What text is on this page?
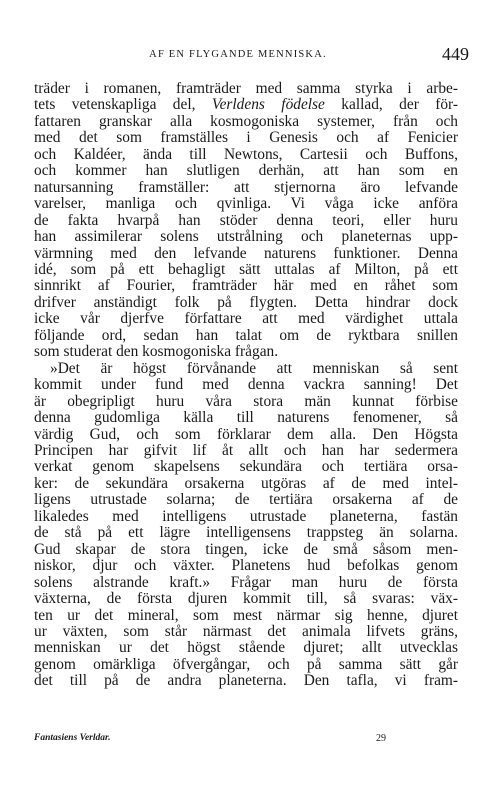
AF EN FLYGANDE MENNISKA.	449
träder i romanen, framträder med samma styrka i arbe-
tets vetenskapliga del, Verldens födelse kallad, der för-
fattaren granskar alla kosmogoniska systemer, från och
med det som framställes i Genesis och af Fenicier
och Kaldéer, ända till Newtons, Cartesii och Buffons,
och kommer han slutligen derhän, att han som en
natursanning framställer: att stjernorna äro lefvande
varelser, manliga och qvinliga. Vi våga icke anföra
de fakta hvarpå han stöder denna teori, eller huru
han assimilerar solens utstrålning och planeternas upp-
värmning med den lefvande naturens funktioner. Denna
idé, som på ett behagligt sätt uttalas af Milton, på ett
sinnrikt af Fourier, framträder här med en råhet som
drifver anständigt folk på flygten. Detta hindrar dock
icke vår djerfve författare att med värdighet uttala
följande ord, sedan han talat om de ryktbara snillen
som studerat den kosmogoniska frågan.
»Det är högst förvånande att menniskan så sent
kommit under fund med denna vackra sanning! Det
är obegripligt huru våra stora män kunnat förbise
denna gudomliga källa till naturens fenomener, så
värdig Gud, och som förklarar dem alla. Den Högsta
Principen har gifvit lif åt allt och han har sedermera
verkat genom skapelsens sekundära och tertiära orsa-
ker: de sekundära orsakerna utgöras af de med intel-
ligens utrustade solarna; de tertiära orsakerna af de
likaledes med intelligens utrustade planeterna, fastän
de stå på ett lägre intelligensens trappsteg än solarna.
Gud skapar de stora tingen, icke de små såsom men-
niskor, djur och växter. Planetens hud befolkas genom
solens alstrande kraft.» Frågar man huru de första
växterna, de första djuren kommit till, så svaras: väx-
ten ur det mineral, som mest närmar sig henne, djuret
ur växten, som står närmast det animala lifvets gräns,
menniskan ur det högst stående djuret; allt utvecklas
genom omärkliga öfvergångar, och på samma sätt går
det till på de andra planeterna. Den tafla, vi fram-
Fantasiens Verldar.	29
